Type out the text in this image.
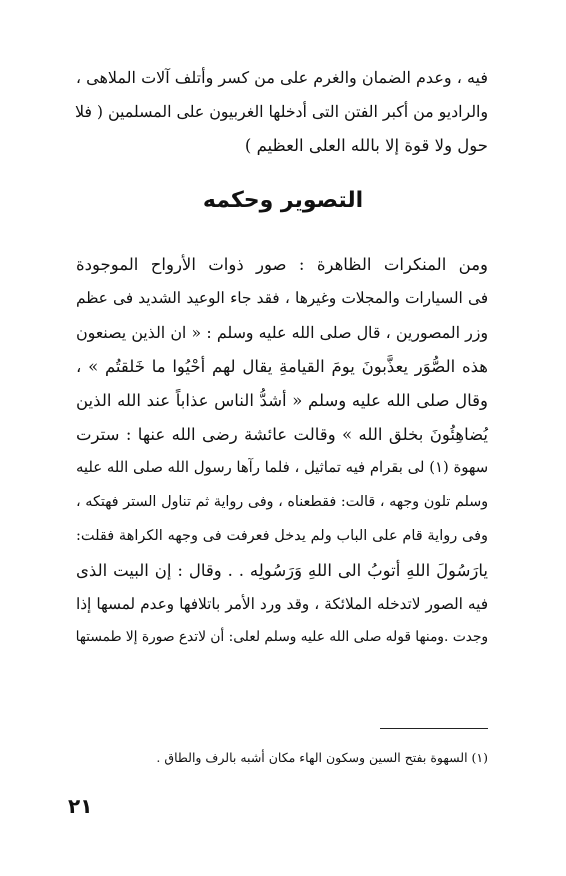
فيه ، وعدم الضمان والغرم على من كسر وأتلف آلات الملاهى ،
والراديو من أكبر الفتن التى أدخلها الغربيون على المسلمين ( فلا
حول ولا قوة إلا بالله العلى العظيم )
التصوير وحكمه
ومن المنكرات الظاهرة : صور ذوات الأرواح الموجودة
فى السيارات والمجلات وغيرها ، فقد جاء الوعيد الشديد فى عظم
وزر المصورين ، قال صلى الله عليه وسلم : « ان الذين يصنعون
هذه الصُّوَر يعذَّبونَ يومَ القيامةِ يقال لهم أحْيُوا ما خَلقتُم » ،
وقال صلى الله عليه وسلم « أشدُّ الناس عذاباً عند الله الذين
يُضاهِئُونَ بخلق الله » وقالت عائشة رضى الله عنها : سترت
سهوة (١) لى بقرام فيه تماثيل ، فلما رآها رسول الله صلى الله عليه
وسلم تلون وجهه ، قالت: فقطعناه ، وفى رواية ثم تناول الستر فهتكه ،
وفى رواية قام على الباب ولم يدخل فعرفت فى وجهه الكراهة فقلت:
يارَسُولَ اللهِ أتوبُ الى اللهِ وَرَسُولِه . . وقال : إن البيت الذى
فيه الصور لاتدخله الملائكة ، وقد ورد الأمر باتلافها وعدم لمسها إذا
وجدت .ومنها قوله صلى الله عليه وسلم لعلى: أن لاتدع صورة إلا طمستها
(١) السهوة بفتح السين وسكون الهاء مكان أشبه بالرف والطاق .
٢١
